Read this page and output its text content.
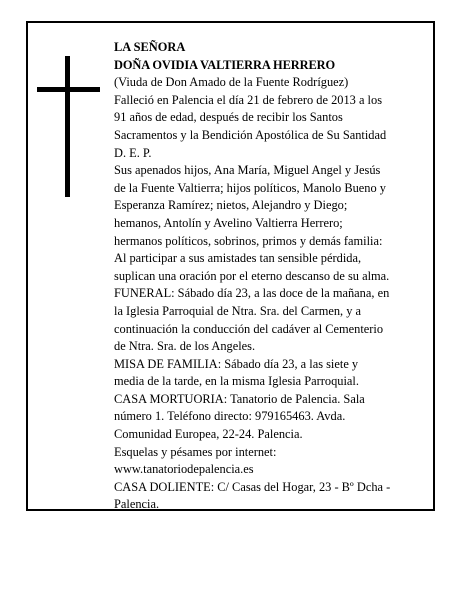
LA SEÑORA

DOÑA OVIDIA VALTIERRA HERRERO

(Viuda de Don Amado de la Fuente Rodríguez)

Falleció en Palencia el día 21 de febrero de 2013 a los

91 años de edad, después de recibir los Santos

Sacramentos y la Bendición Apostólica de Su Santidad

D. E. P.

Sus apenados hijos, Ana María, Miguel Angel y Jesús

de la Fuente Valtierra; hijos políticos, Manolo Bueno y

Esperanza Ramírez; nietos, Alejandro y Diego;

hemanos, Antolín y Avelino Valtierra Herrero;

hermanos políticos, sobrinos, primos y demás familia:

Al participar a sus amistades tan sensible pérdida,

suplican una oración por el eterno descanso de su alma.

FUNERAL: Sábado día 23, a las doce de la mañana, en

la Iglesia Parroquial de Ntra. Sra. del Carmen, y a

continuación la conducción del cadáver al Cementerio

de Ntra. Sra. de los Angeles.

MISA DE FAMILIA: Sábado día 23, a las siete y

media de la tarde, en la misma Iglesia Parroquial.

CASA MORTUORIA: Tanatorio de Palencia. Sala

número 1. Teléfono directo: 979165463. Avda.

Comunidad Europea, 22-24. Palencia.

Esquelas y pésames por internet:

www.tanatoriodepalencia.es

CASA DOLIENTE: C/ Casas del Hogar, 23 - Bº Dcha -

Palencia.
